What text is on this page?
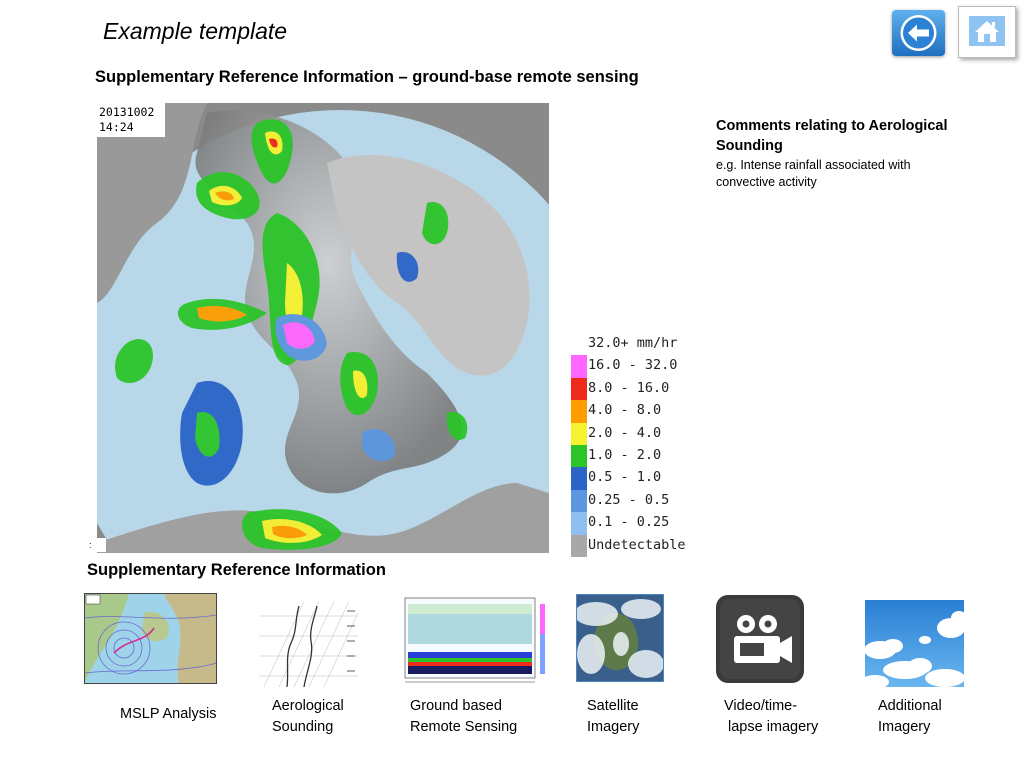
Example template
Supplementary Reference Information – ground-base remote sensing
20131002
14:24
:
32.0+ mm/hr
16.0 - 32.0
8.0 - 16.0
4.0 - 8.0
2.0 - 4.0
1.0 - 2.0
0.5 - 1.0
0.25 - 0.5
0.1 - 0.25
Undetectable
Comments relating to Aerological Sounding
e.g. Intense rainfall associated with convective activity
Supplementary Reference Information
MSLP Analysis	Aerological
Sounding
Ground based
Remote Sensing
Satellite
Imagery
Video/time-
lapse imagery
Additional
Imagery
